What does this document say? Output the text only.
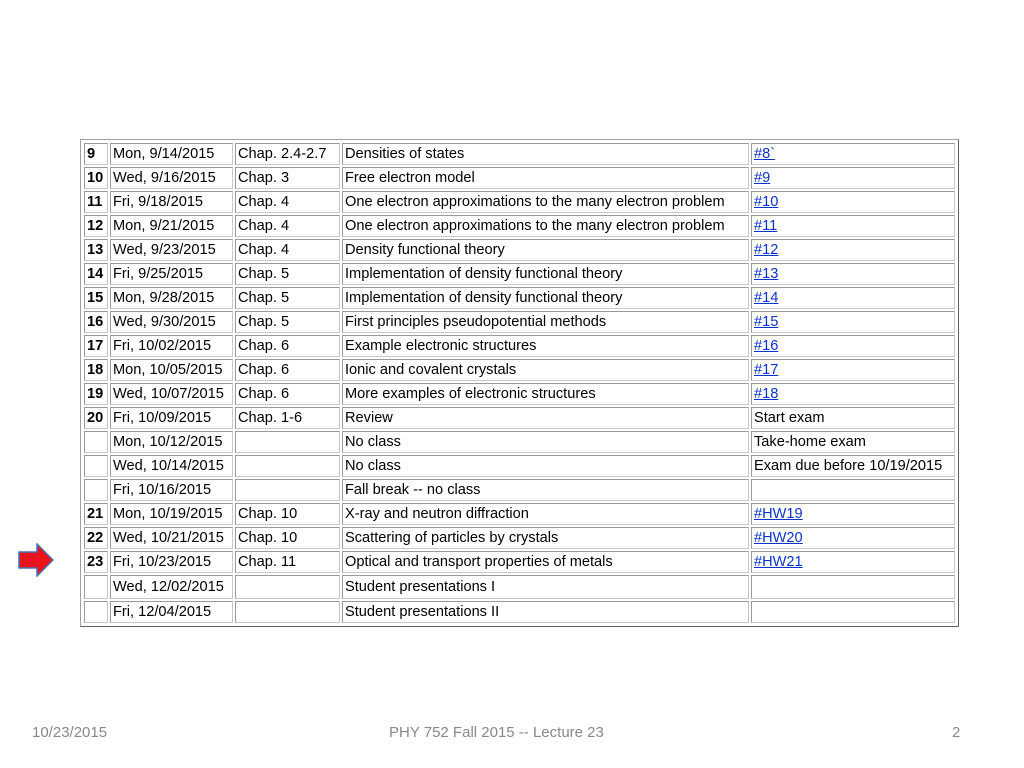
9	Mon, 9/14/2015	Chap. 2.4-2.7	Densities of states	#8`
10	Wed, 9/16/2015	Chap. 3	Free electron model	#9
11	Fri, 9/18/2015	Chap. 4	One electron approximations to the many electron problem	#10
12	Mon, 9/21/2015	Chap. 4	One electron approximations to the many electron problem	#11
13	Wed, 9/23/2015	Chap. 4	Density functional theory	#12
14	Fri, 9/25/2015	Chap. 5	Implementation of density functional theory	#13
15	Mon, 9/28/2015	Chap. 5	Implementation of density functional theory	#14
16	Wed, 9/30/2015	Chap. 5	First principles pseudopotential methods	#15
17	Fri, 10/02/2015	Chap. 6	Example electronic structures	#16
18	Mon, 10/05/2015	Chap. 6	Ionic and covalent crystals	#17
19	Wed, 10/07/2015	Chap. 6	More examples of electronic structures	#18
20	Fri, 10/09/2015	Chap. 1-6	Review	Start exam
	Mon, 10/12/2015		No class	Take-home exam
	Wed, 10/14/2015		No class	Exam due before 10/19/2015
	Fri, 10/16/2015		Fall break -- no class	
21	Mon, 10/19/2015	Chap. 10	X-ray and neutron diffraction	#HW19
22	Wed, 10/21/2015	Chap. 10	Scattering of particles by crystals	#HW20
23	Fri, 10/23/2015	Chap. 11	Optical and transport properties of metals	#HW21
	Wed, 12/02/2015		Student presentations I	
	Fri, 12/04/2015		Student presentations II	
10/23/2015	PHY 752 Fall 2015 -- Lecture 23	2
